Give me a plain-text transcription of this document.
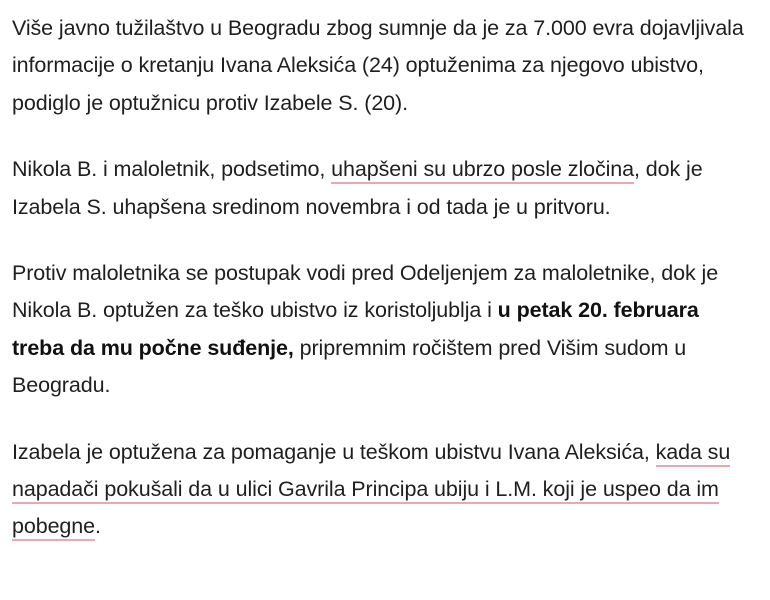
Više javno tužilaštvo u Beogradu zbog sumnje da je za 7.000 evra dojavljivala informacije o kretanju Ivana Aleksića (24) optuženima za njegovo ubistvo, podiglo je optužnicu protiv Izabele S. (20).

Nikola B. i maloletnik, podsetimo, uhapšeni su ubrzo posle zločina, dok je Izabela S. uhapšena sredinom novembra i od tada je u pritvoru.

Protiv maloletnika se postupak vodi pred Odeljenjem za maloletnike, dok je Nikola B. optužen za teško ubistvo iz koristoljublja i u petak 20. februara treba da mu počne suđenje, pripremnim ročištem pred Višim sudom u Beogradu.

Izabela je optužena za pomaganje u teškom ubistvu Ivana Aleksića, kada su napadači pokušali da u ulici Gavrila Principa ubiju i L.M. koji je uspeo da im pobegne.
